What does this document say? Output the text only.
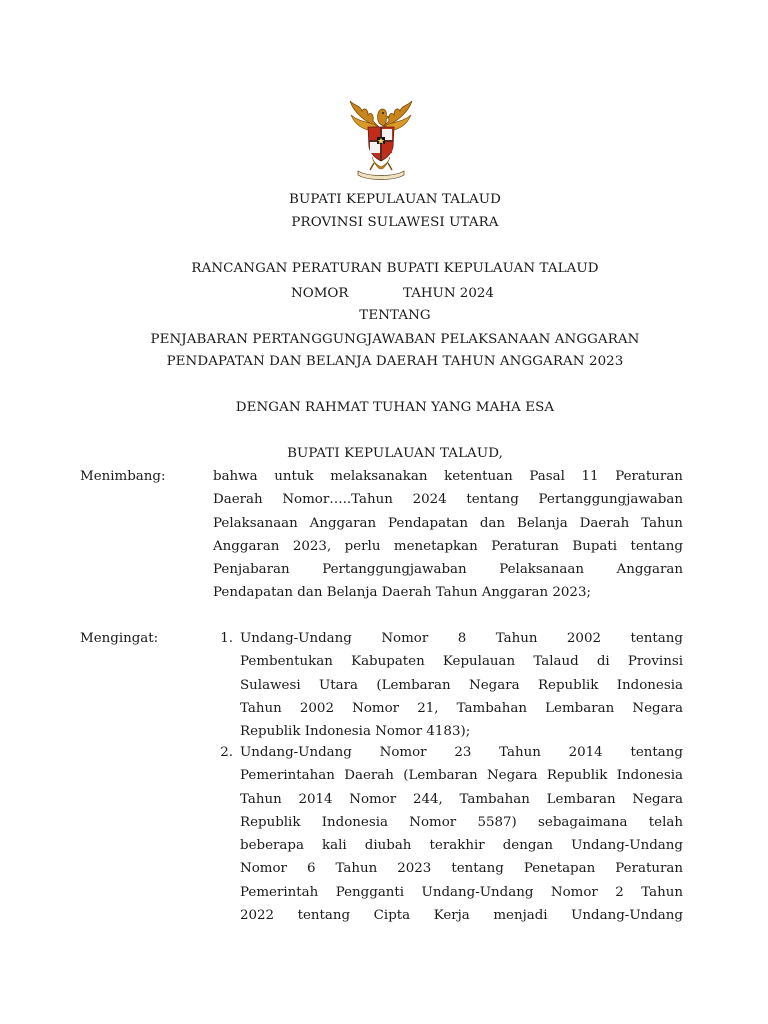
BUPATI KEPULAUAN TALAUD
PROVINSI SULAWESI UTARA
RANCANGAN PERATURAN BUPATI KEPULAUAN TALAUD
NOMOR	TAHUN 2024
TENTANG
PENJABARAN PERTANGGUNGJAWABAN PELAKSANAAN ANGGARAN
PENDAPATAN DAN BELANJA DAERAH TAHUN ANGGARAN 2023
DENGAN RAHMAT TUHAN YANG MAHA ESA
BUPATI KEPULAUAN TALAUD,
Menimbang:	bahwa untuk melaksanakan ketentuan Pasal 11 Peraturan
Daerah Nomor…..Tahun 2024 tentang Pertanggungjawaban
Pelaksanaan Anggaran Pendapatan dan Belanja Daerah Tahun
Anggaran 2023, perlu menetapkan Peraturan Bupati tentang
Penjabaran Pertanggungjawaban Pelaksanaan Anggaran
Pendapatan dan Belanja Daerah Tahun Anggaran 2023;
Mengingat:	1. Undang-Undang Nomor 8 Tahun 2002 tentang
Pembentukan Kabupaten Kepulauan Talaud di Provinsi
Sulawesi Utara (Lembaran Negara Republik Indonesia
Tahun 2002 Nomor 21, Tambahan Lembaran Negara
Republik Indonesia Nomor 4183);
2. Undang-Undang Nomor 23 Tahun 2014 tentang
Pemerintahan Daerah (Lembaran Negara Republik Indonesia
Tahun 2014 Nomor 244, Tambahan Lembaran Negara
Republik Indonesia Nomor 5587) sebagaimana telah
beberapa kali diubah terakhir dengan Undang-Undang
Nomor 6 Tahun 2023 tentang Penetapan Peraturan
Pemerintah Pengganti Undang-Undang Nomor 2 Tahun
2022 tentang Cipta Kerja menjadi Undang-Undang
